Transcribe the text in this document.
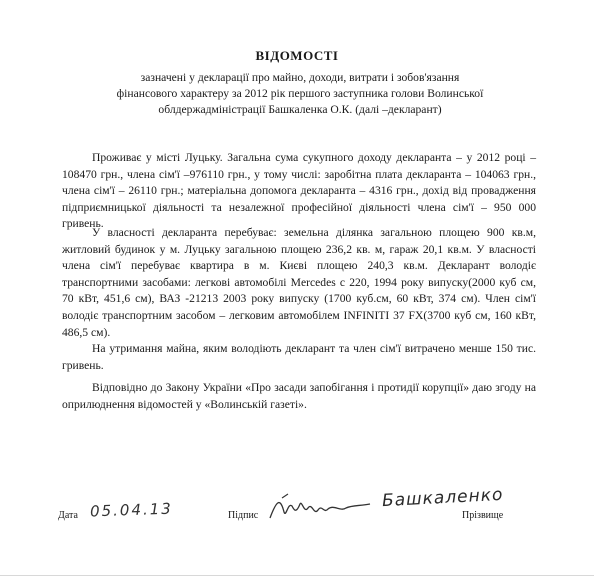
ВІДОМОСТІ
зазначені у декларації про майно, доходи, витрати і зобов'язання
фінансового характеру за 2012 рік першого заступника голови Волинської
облдержадміністрації Башкаленка О.К. (далі –декларант)

Проживає у місті Луцьку. Загальна сума сукупного доходу декларанта – у 2012 році – 108470 грн., члена сім'ї –976110 грн., у тому числі: заробітна плата декларанта – 104063 грн., члена сім'ї – 26110 грн.; матеріальна допомога декларанта – 4316 грн., дохід від провадження підприємницької діяльності та незалежної професійної діяльності члена сім'ї – 950 000 гривень.

У власності декларанта перебуває: земельна ділянка загальною площею 900 кв.м, житловий будинок у м. Луцьку загальною площею 236,2 кв. м, гараж 20,1 кв.м. У власності члена сім'ї перебуває квартира в м. Києві площею 240,3 кв.м. Декларант володіє транспортними засобами: легкові автомобілі Mercedes с 220, 1994 року випуску(2000 куб см, 70 кВт, 451,6 см), ВАЗ -21213 2003 року випуску (1700 куб.см, 60 кВт, 374 см). Член сім'ї володіє транспортним засобом – легковим автомобілем INFINITI 37 FX(3700 куб см, 160 кВт, 486,5 см).

На утримання майна, яким володіють декларант та член сім'ї витрачено менше 150 тис. гривень.

Відповідно до Закону України «Про засади запобігання і протидії корупції» даю згоду на оприлюднення відомостей у «Волинській газеті».

Дата 05.04.13	Підпис
Башкаленко
Прізвище
